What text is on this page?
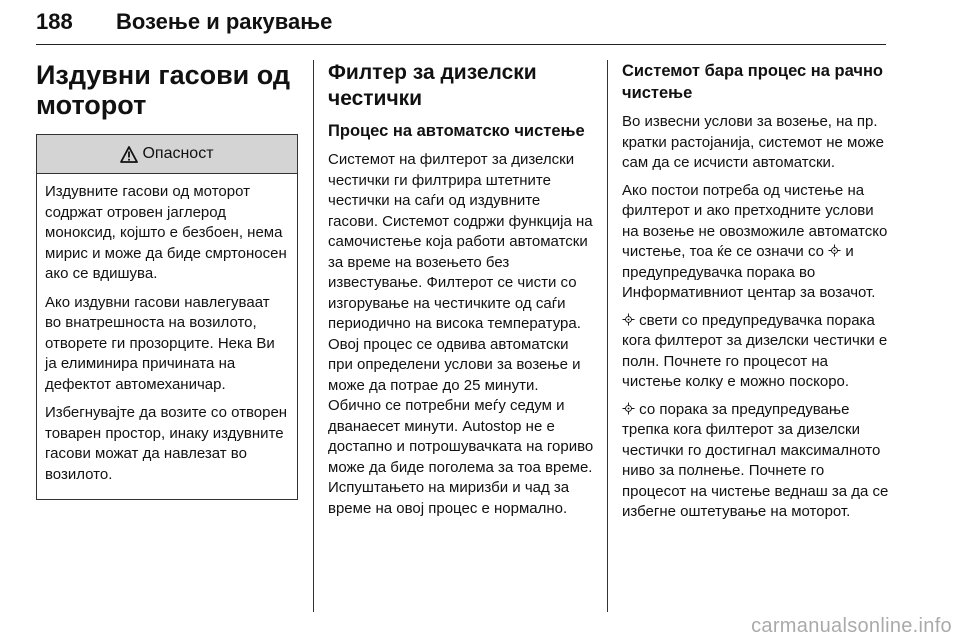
188 Возење и ракување
Издувни гасови од моторот
Опасност

Издувните гасови од моторот содржат отровен јаглерод моноксид, којшто е безбоен, нема мирис и може да биде смртоносен ако се вдишува.

Ако издувни гасови навлегуваат во внатрешноста на возилото, отворете ги прозорците. Нека Ви ја елиминира причината на дефектот автомеханичар.

Избегнувајте да возите со отворен товарен простор, инаку издувните гасови можат да навлезат во возилото.

Филтер за дизелски честички
Процес на автоматско чистење

Системот на филтерот за дизелски честички ги филтрира штетните честички на саѓи од издувните гасови. Системот содржи функција на самочистење која работи автоматски за време на возењето без известување. Филтерот се чисти со изгорување на честичките од саѓи периодично на висока температура. Овој процес се одвива автоматски при определени услови за возење и може да потрае до 25 минути. Обично се потребни меѓу седум и дванаесет минути. Autostop не е достапно и потрошувачката на гориво може да биде поголема за тоа време. Испуштањето на миризби и чад за време на овој процес е нормално.

Системот бара процес на рачно чистење

Во извесни услови за возење, на пр. кратки растојанија, системот не може сам да се исчисти автоматски.

Ако постои потреба од чистење на филтерот и ако претходните услови на возење не овозможиле автоматско чистење, тоа ќе се означи со и предупредувачка порака во Информативниот центар за возачот.

свети со предупредувачка порака кога филтерот за дизелски честички е полн. Почнете го процесот на чистење колку е можно поскоро.

со порака за предупредување трепка кога филтерот за дизелски честички го достигнал максималното ниво за полнење. Почнете го процесот на чистење веднаш за да се избегне оштетувањe на моторот.

carmanualsonline.info
